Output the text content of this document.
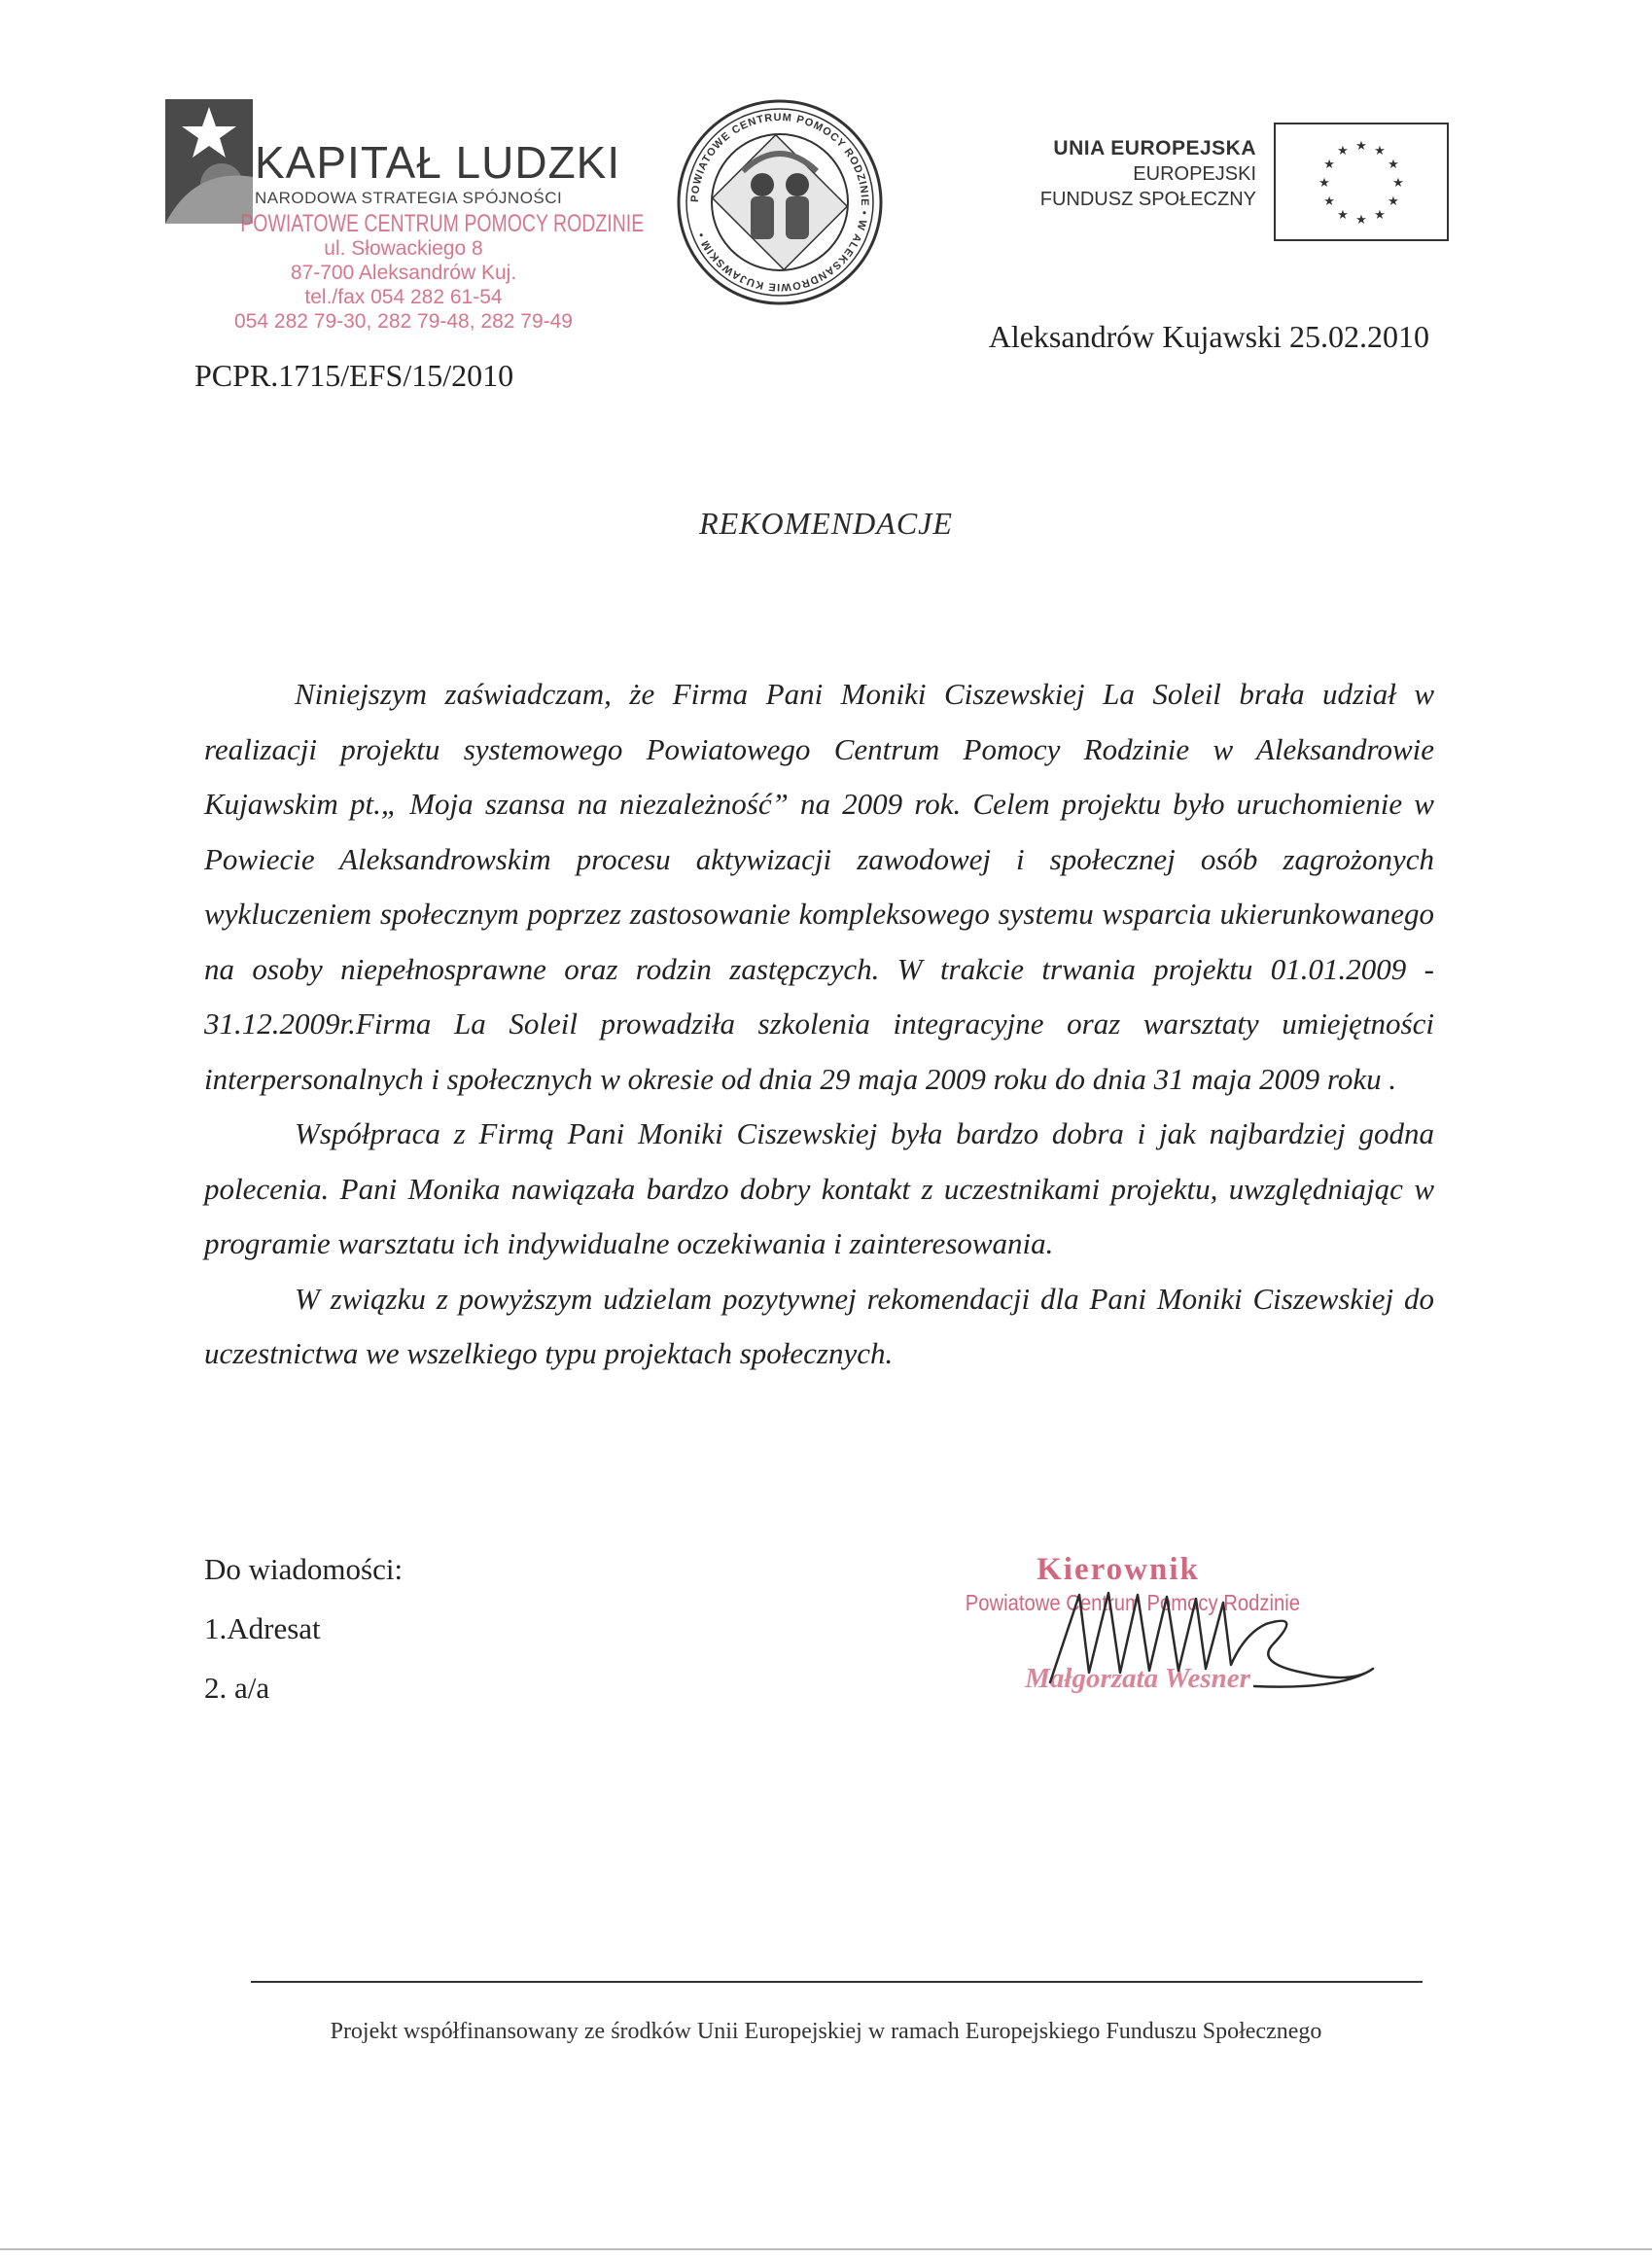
KAPITAŁ LUDZKI
NARODOWA STRATEGIA SPÓJNOŚCI
POWIATOWE CENTRUM POMOCY RODZINIE
ul. Słowackiego 8
87-700 Aleksandrów Kuj.
tel./fax 054 282 61-54
054 282 79-30, 282 79-48, 282 79-49
PCPR.1715/EFS/15/2010
POWIATOWE CENTRUM POMOCY RODZINIE • W ALEKSANDROWIE KUJAWSKIM •
UNIA EUROPEJSKA
EUROPEJSKI
FUNDUSZ SPOŁECZNY
★ ★
★
★
★
★
★
★
★
★
★
★
Aleksandrów Kujawski 25.02.2010
REKOMENDACJE

Niniejszym zaświadczam, że Firma Pani Moniki Ciszewskiej La Soleil brała udział w realizacji projektu systemowego Powiatowego Centrum Pomocy Rodzinie w Aleksandrowie Kujawskim pt.„ Moja szansa na niezależność” na 2009 rok. Celem projektu było uruchomienie w Powiecie Aleksandrowskim procesu aktywizacji zawodowej i społecznej osób zagrożonych wykluczeniem społecznym poprzez zastosowanie kompleksowego systemu wsparcia ukierunkowanego na osoby niepełnosprawne oraz rodzin zastępczych. W trakcie trwania projektu 01.01.2009 - 31.12.2009r.Firma La Soleil prowadziła szkolenia integracyjne oraz warsztaty umiejętności interpersonalnych i społecznych w okresie od dnia 29 maja 2009 roku do dnia 31 maja 2009 roku .

Współpraca z Firmą Pani Moniki Ciszewskiej była bardzo dobra i jak najbardziej godna polecenia. Pani Monika nawiązała bardzo dobry kontakt z uczestnikami projektu, uwzględniając w programie warsztatu ich indywidualne oczekiwania i zainteresowania.

W związku z powyższym udzielam pozytywnej rekomendacji dla Pani Moniki Ciszewskiej do uczestnictwa we wszelkiego typu projektach społecznych.

Do wiadomości:
1.Adresat
2. a/a
Kierownik
Powiatowe Centrum Pomocy Rodzinie
Małgorzata Wesner
Projekt współfinansowany ze środków Unii Europejskiej w ramach Europejskiego Funduszu Społecznego
